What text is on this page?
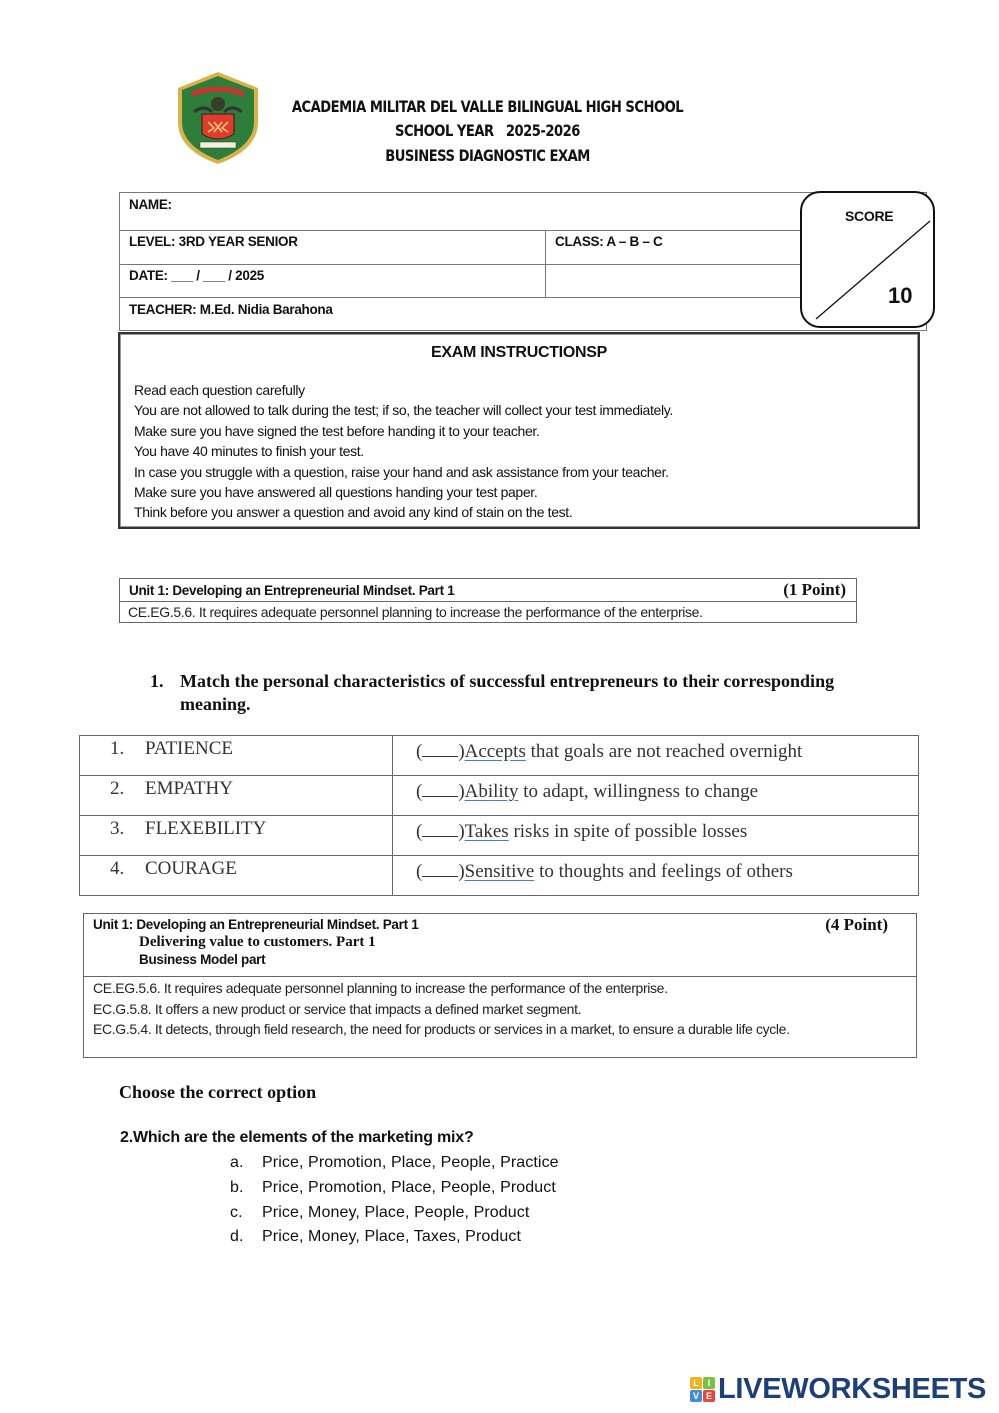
ACADEMIA MILITAR DEL VALLE BILINGUAL HIGH SCHOOL
SCHOOL YEAR   2025-2026
BUSINESS DIAGNOSTIC EXAM
NAME:
LEVEL: 3RD YEAR SENIOR	CLASS: A – B – C
DATE: ___ / ___ / 2025
TEACHER: M.Ed. Nidia Barahona
SCORE
10
EXAM INSTRUCTIONSP
Read each question carefully
You are not allowed to talk during the test; if so, the teacher will collect your test immediately.
Make sure you have signed the test before handing it to your teacher.
You have 40 minutes to finish your test.
In case you struggle with a question, raise your hand and ask assistance from your teacher.
Make sure you have answered all questions handing your test paper.
Think before you answer a question and avoid any kind of stain on the test.
Unit 1: Developing an Entrepreneurial Mindset. Part 1	(1 Point)
CE.EG.5.6. It requires adequate personnel planning to increase the performance of the enterprise.
1. Match the personal characteristics of successful entrepreneurs to their corresponding meaning.
1. PATIENCE	( )Accepts that goals are not reached overnight
2. EMPATHY	( )Ability to adapt, willingness to change
3. FLEXEBILITY	( )Takes risks in spite of possible losses
4. COURAGE	( )Sensitive to thoughts and feelings of others
Unit 1: Developing an Entrepreneurial Mindset. Part 1
Delivering value to customers. Part 1
Business Model part
(4 Point)
CE.EG.5.6. It requires adequate personnel planning to increase the performance of the enterprise.
EC.G.5.8. It offers a new product or service that impacts a defined market segment.
EC.G.5.4. It detects, through field research, the need for products or services in a market, to ensure a durable life cycle.
Choose the correct option
2.Which are the elements of the marketing mix?
a. Price, Promotion, Place, People, Practice
b. Price, Promotion, Place, People, Product
c. Price, Money, Place, People, Product
d. Price, Money, Place, Taxes, Product
L I
V E LIVEWORKSHEETS
